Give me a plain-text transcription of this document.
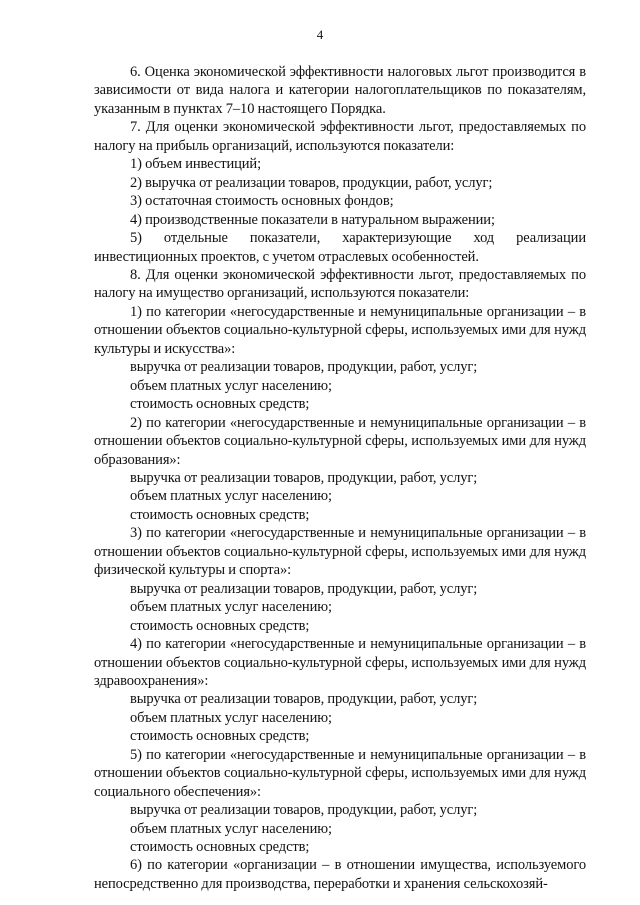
4

6. Оценка экономической эффективности налоговых льгот производится в зависимости от вида налога и категории налогоплательщиков по показателям, указанным в пунктах 7–10 настоящего Порядка.

7. Для оценки экономической эффективности льгот, предоставляемых по налогу на прибыль организаций, используются показатели:

1) объем инвестиций;

2) выручка от реализации товаров, продукции, работ, услуг;

3) остаточная стоимость основных фондов;

4) производственные показатели в натуральном выражении;

5) отдельные показатели, характеризующие ход реализации инвестиционных проектов, с учетом отраслевых особенностей.

8. Для оценки экономической эффективности льгот, предоставляемых по налогу на имущество организаций, используются показатели:

1) по категории «негосударственные и немуниципальные организации – в отношении объектов социально-культурной сферы, используемых ими для нужд культуры и искусства»:

выручка от реализации товаров, продукции, работ, услуг;

объем платных услуг населению;

стоимость основных средств;

2) по категории «негосударственные и немуниципальные организации – в отношении объектов социально-культурной сферы, используемых ими для нужд образования»:

выручка от реализации товаров, продукции, работ, услуг;

объем платных услуг населению;

стоимость основных средств;

3) по категории «негосударственные и немуниципальные организации – в отношении объектов социально-культурной сферы, используемых ими для нужд физической культуры и спорта»:

выручка от реализации товаров, продукции, работ, услуг;

объем платных услуг населению;

стоимость основных средств;

4) по категории «негосударственные и немуниципальные организации – в отношении объектов социально-культурной сферы, используемых ими для нужд здравоохранения»:

выручка от реализации товаров, продукции, работ, услуг;

объем платных услуг населению;

стоимость основных средств;

5) по категории «негосударственные и немуниципальные организации – в отношении объектов социально-культурной сферы, используемых ими для нужд социального обеспечения»:

выручка от реализации товаров, продукции, работ, услуг;

объем платных услуг населению;

стоимость основных средств;

6) по категории «организации – в отношении имущества, используемого непосредственно для производства, переработки и хранения сельскохозяй-
